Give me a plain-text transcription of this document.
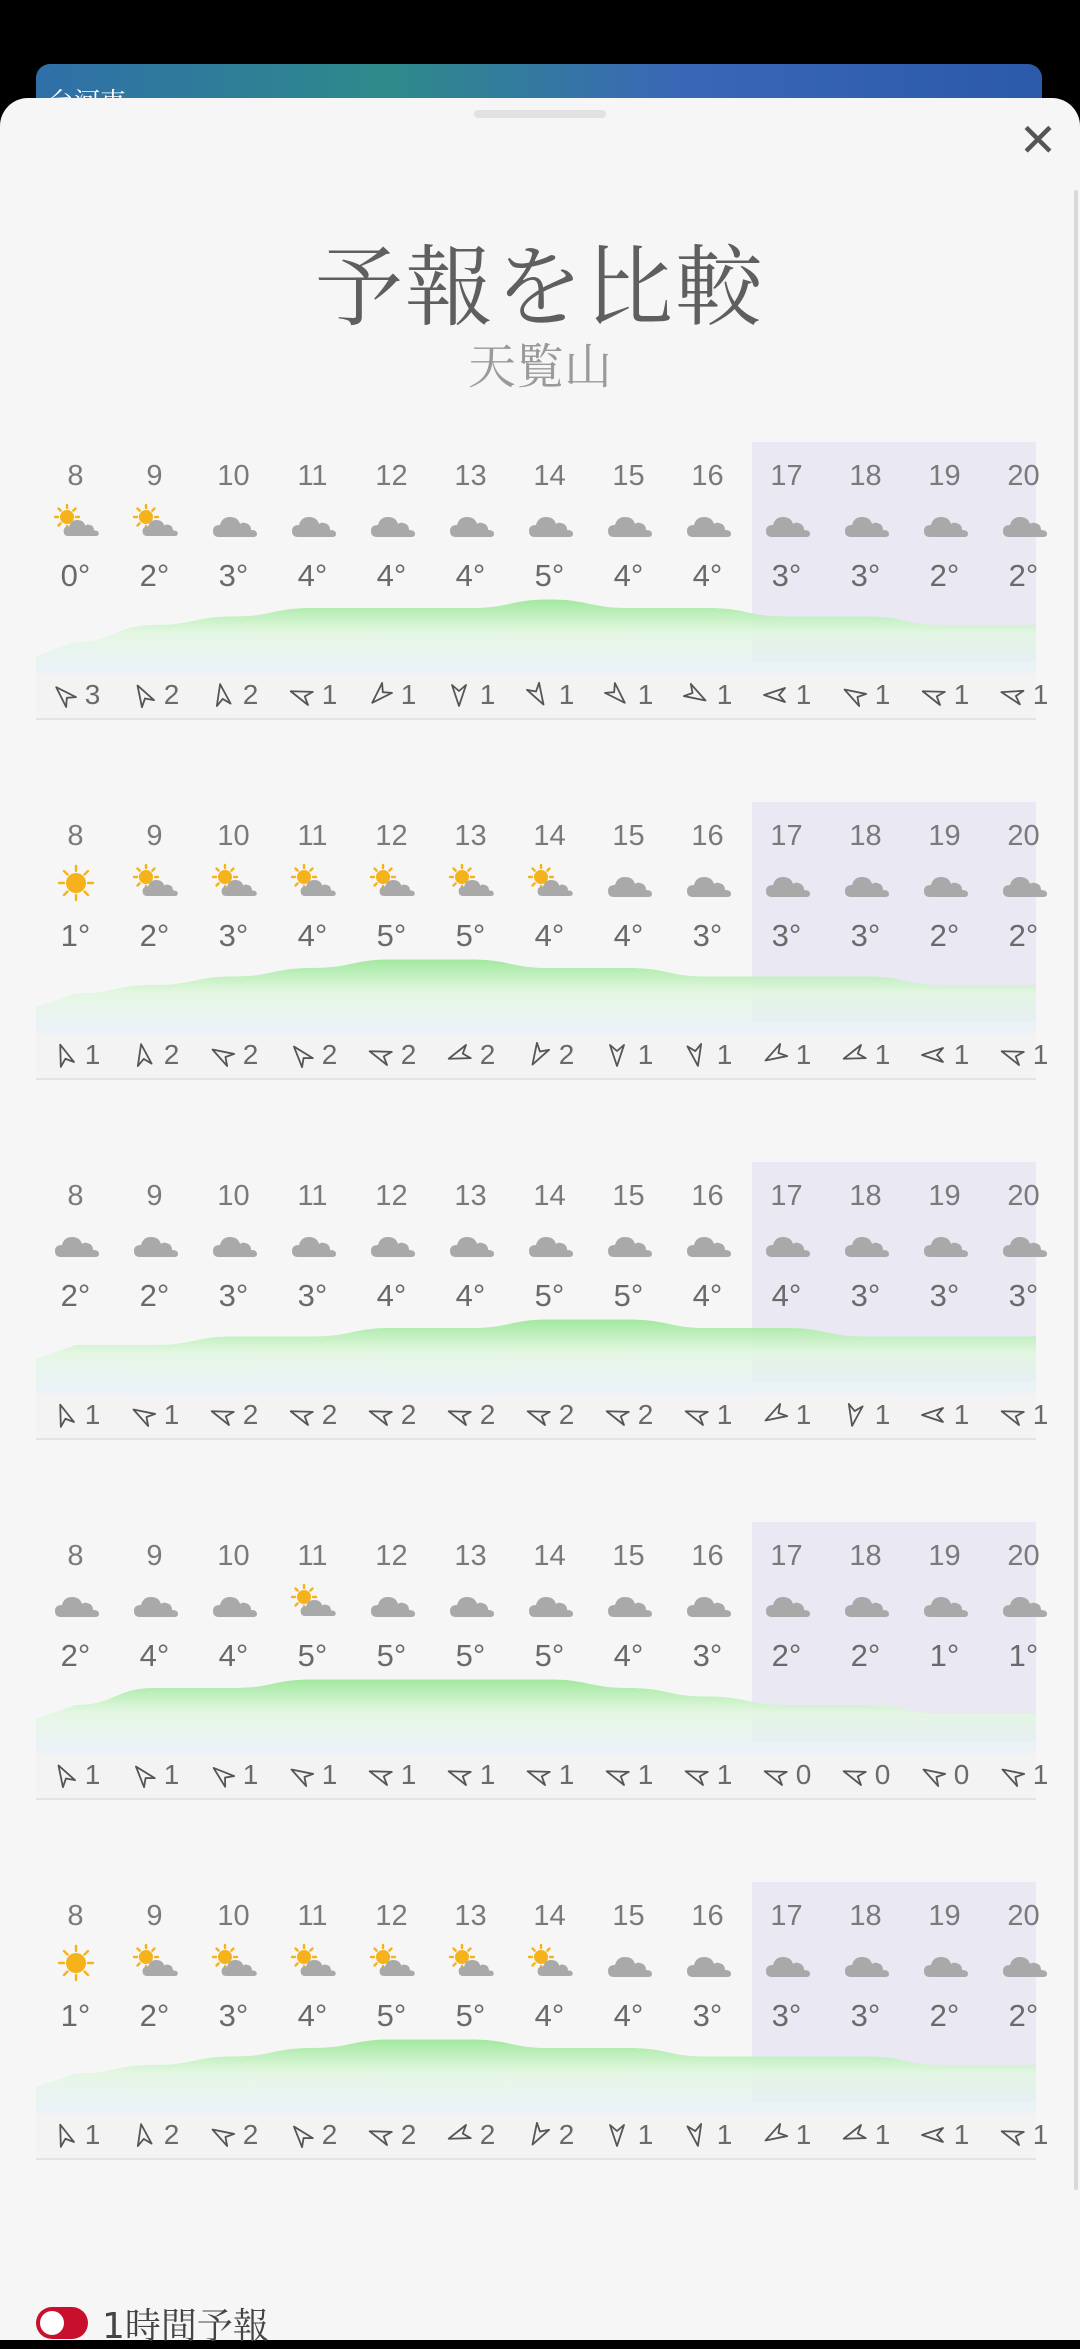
✕
予報を比較
天覧山
8
0°
3
9
2°
2
10
3°
2
11
4°
1
12
4°
1
13
4°
1
14
5°
1
15
4°
1
16
4°
1
17
3°
1
18
3°
1
19
2°
1
20
2°
1
8
1°
1
9
2°
2
10
3°
2
11
4°
2
12
5°
2
13
5°
2
14
4°
2
15
4°
1
16
3°
1
17
3°
1
18
3°
1
19
2°
1
20
2°
1
8
2°
1
9
2°
1
10
3°
2
11
3°
2
12
4°
2
13
4°
2
14
5°
2
15
5°
2
16
4°
1
17
4°
1
18
3°
1
19
3°
1
20
3°
1
8
2°
1
9
4°
1
10
4°
1
11
5°
1
12
5°
1
13
5°
1
14
5°
1
15
4°
1
16
3°
1
17
2°
0
18
2°
0
19
1°
0
20
1°
1
8
1°
1
9
2°
2
10
3°
2
11
4°
2
12
5°
2
13
5°
2
14
4°
2
15
4°
1
16
3°
1
17
3°
1
18
3°
1
19
2°
1
20
2°
1
1時間予報
